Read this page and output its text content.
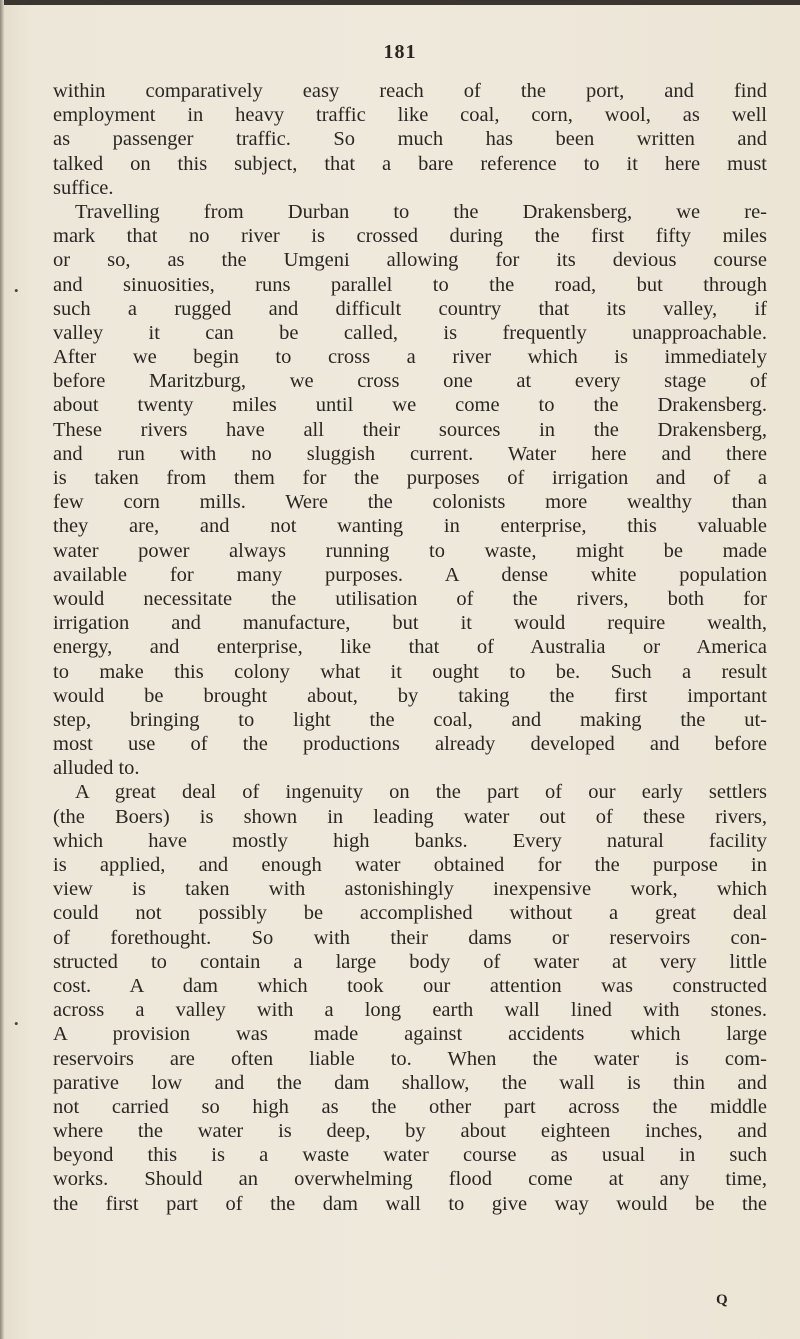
181
within comparatively easy reach of the port, and find
employment in heavy traffic like coal, corn, wool, as well
as passenger traffic. So much has been written and
talked on this subject, that a bare reference to it here must
suffice.
Travelling from Durban to the Drakensberg, we re-
mark that no river is crossed during the first fifty miles
or so, as the Umgeni allowing for its devious course
and sinuosities, runs parallel to the road, but through
such a rugged and difficult country that its valley, if
valley it can be called, is frequently unapproachable.
After we begin to cross a river which is immediately
before Maritzburg, we cross one at every stage of
about twenty miles until we come to the Drakensberg.
These rivers have all their sources in the Drakensberg,
and run with no sluggish current. Water here and there
is taken from them for the purposes of irrigation and of a
few corn mills. Were the colonists more wealthy than
they are, and not wanting in enterprise, this valuable
water power always running to waste, might be made
available for many purposes. A dense white population
would necessitate the utilisation of the rivers, both for
irrigation and manufacture, but it would require wealth,
energy, and enterprise, like that of Australia or America
to make this colony what it ought to be. Such a result
would be brought about, by taking the first important
step, bringing to light the coal, and making the ut-
most use of the productions already developed and before
alluded to.
A great deal of ingenuity on the part of our early settlers
(the Boers) is shown in leading water out of these rivers,
which have mostly high banks. Every natural facility
is applied, and enough water obtained for the purpose in
view is taken with astonishingly inexpensive work, which
could not possibly be accomplished without a great deal
of forethought. So with their dams or reservoirs con-
structed to contain a large body of water at very little
cost. A dam which took our attention was constructed
across a valley with a long earth wall lined with stones.
A provision was made against accidents which large
reservoirs are often liable to. When the water is com-
parative low and the dam shallow, the wall is thin and
not carried so high as the other part across the middle
where the water is deep, by about eighteen inches, and
beyond this is a waste water course as usual in such
works. Should an overwhelming flood come at any time,
the first part of the dam wall to give way would be the
Q
•
•
